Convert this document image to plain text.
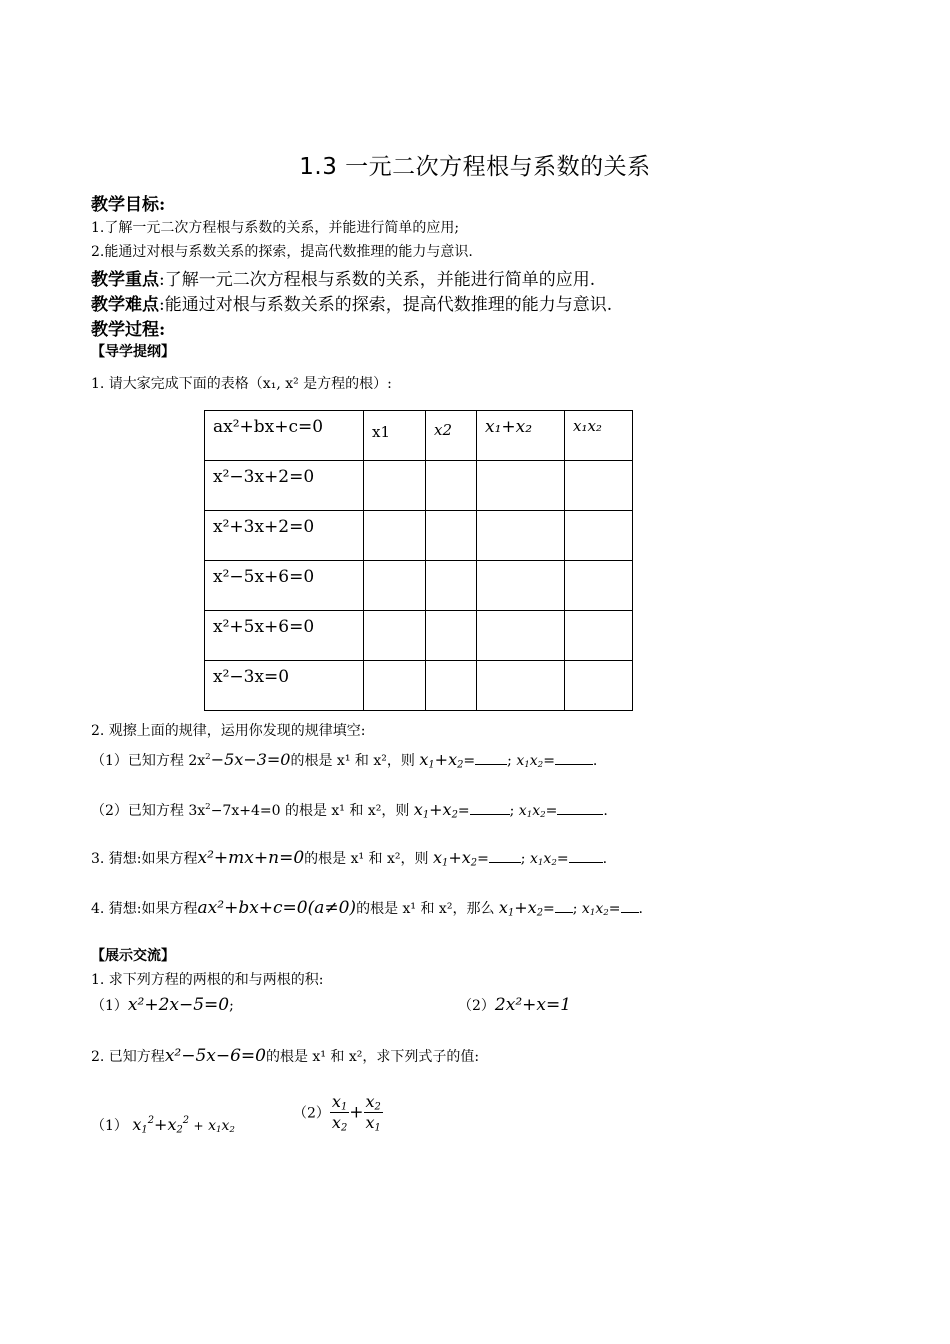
1.3 一元二次方程根与系数的关系
教学目标:
1.了解一元二次方程根与系数的关系，并能进行简单的应用;
2.能通过对根与系数关系的探索，提高代数推理的能力与意识.
教学重点:了解一元二次方程根与系数的关系，并能进行简单的应用.
教学难点:能通过对根与系数关系的探索，提高代数推理的能力与意识.
教学过程:
【导学提纲】
1. 请大家完成下面的表格（x₁, x² 是方程的根）:
ax²+bx+c=0	x1	x2	x₁+x₂	x₁x₂

x²−3x+2=0				

x²+3x+2=0				

x²−5x+6=0				

x²+5x+6=0				

x²−3x=0				

2. 观擦上面的规律，运用你发现的规律填空:
（1）已知方程 $2x^2-5x-3=0$的根是 x¹ 和 x²，则 $x_1+x_2=$ ; $x_1x_2=$	.
（2）已知方程 $3x^2-7x+4=0$ 的根是 x¹ 和 x²，则 $x_1+x_2=$	; $x_1x_2=$	.
3. 猜想:如果方程x²+mx+n=0的根是 x¹ 和 x²，则 $x_1+x_2=$ ; $x_1x_2=$ .
4. 猜想:如果方程ax²+bx+c=0(a≠0)的根是 x¹ 和 x²，那么 $x_1+x_2=$ ; $x_1x_2=$ .
【展示交流】
1. 求下列方程的两根的和与两根的积:
（1）x²+2x−5=0;	（2）2x²+x=1
2. 已知方程x²−5x−6=0的根是 x¹ 和 x²，求下列式子的值:
（1） $x_1^2+x_2^2 + x_1x_2$
$(2) \frac{x_1}{x_2} + \frac{x_2}{x_1}$
